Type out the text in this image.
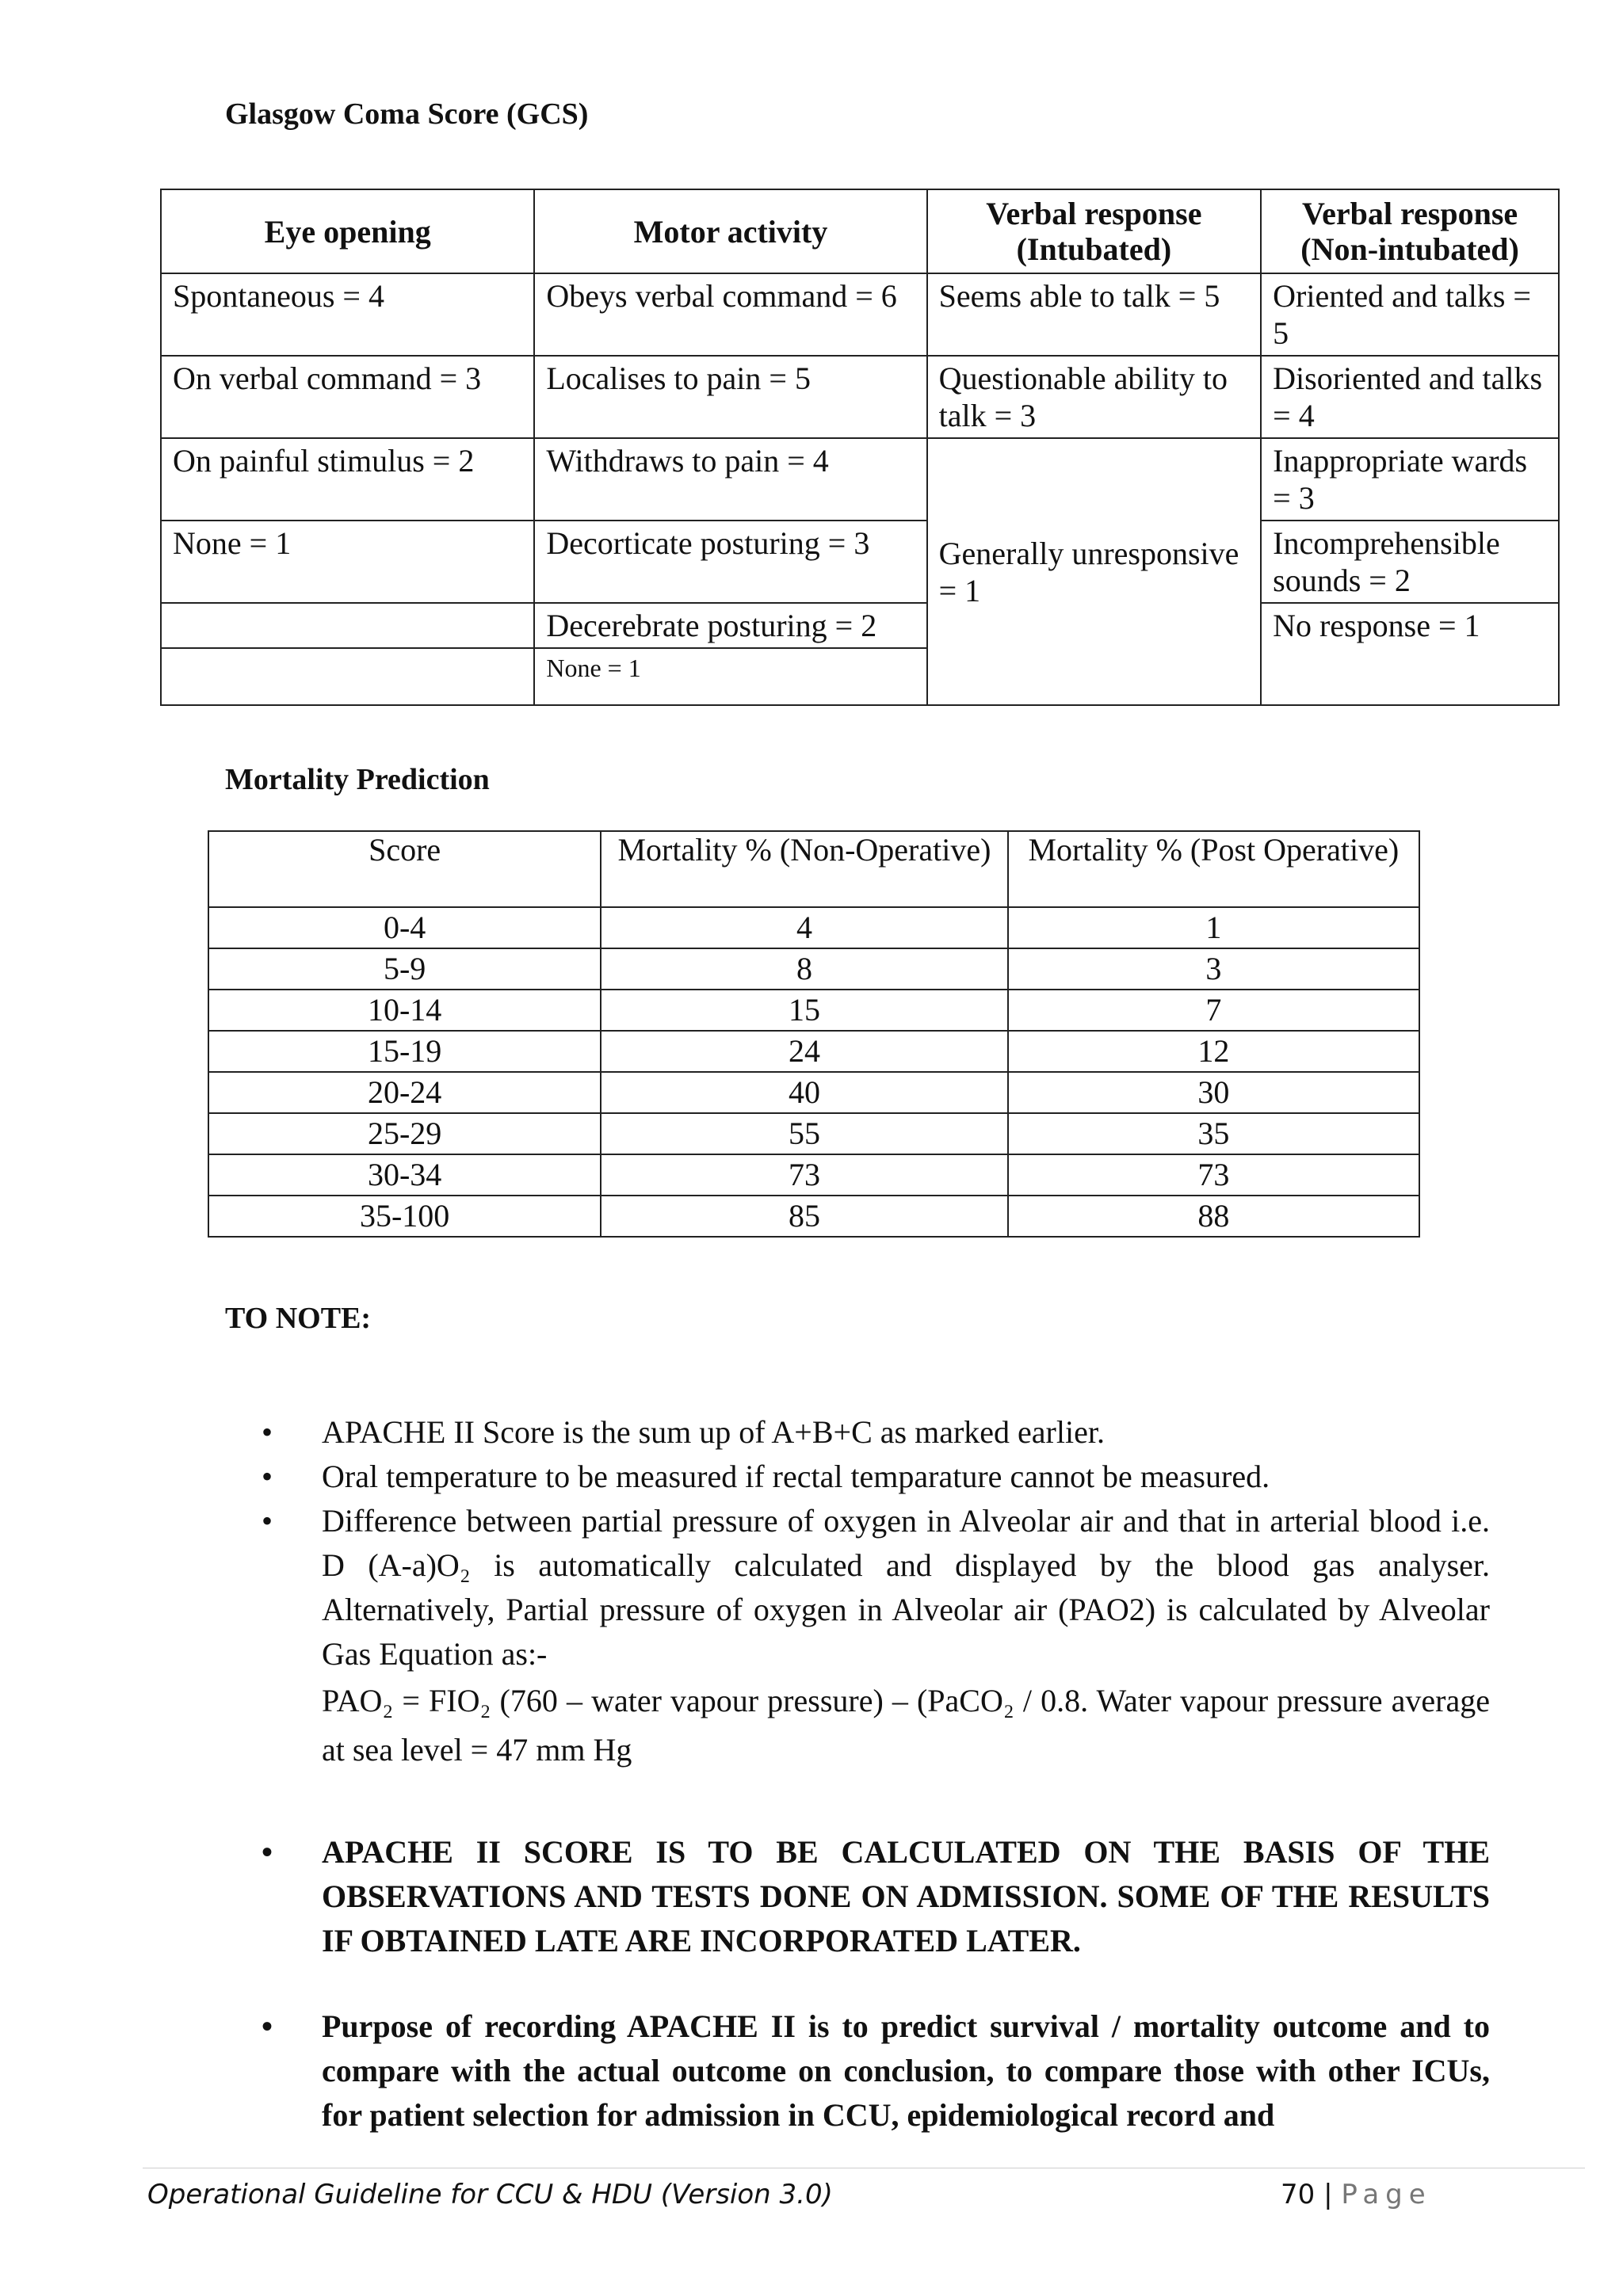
Glasgow Coma Score (GCS)
Eye opening	Motor activity	Verbal response (Intubated)	Verbal response (Non-intubated)
Spontaneous = 4	Obeys verbal command = 6	Seems able to talk = 5	Oriented and talks = 5
On verbal command = 3	Localises to pain = 5	Questionable ability to talk = 3	Disoriented and talks = 4
On painful stimulus = 2	Withdraws to pain = 4	Generally unresponsive = 1	Inappropriate wards = 3
None = 1	Decorticate posturing = 3		Incomprehensible sounds = 2
	Decerebrate posturing = 2		No response = 1
	None = 1		
Mortality Prediction
Score	Mortality % (Non-Operative)	Mortality % (Post Operative)
0-4	4	1
5-9	8	3
10-14	15	7
15-19	24	12
20-24	40	30
25-29	55	35
30-34	73	73
35-100	85	88
TO NOTE:
• APACHE II Score is the sum up of A+B+C as marked earlier.
• Oral temperature to be measured if rectal temparature cannot be measured.
• Difference between partial pressure of oxygen in Alveolar air and that in arterial blood i.e. D (A-a)O₂ is automatically calculated and displayed by the blood gas analyser. Alternatively, Partial pressure of oxygen in Alveolar air (PAO2) is calculated by Alveolar Gas Equation as:-
PAO₂ = FIO₂ (760 – water vapour pressure) – (PaCO₂ / 0.8. Water vapour pressure average at sea level = 47 mm Hg
• APACHE II SCORE IS TO BE CALCULATED ON THE BASIS OF THE OBSERVATIONS AND TESTS DONE ON ADMISSION. SOME OF THE RESULTS IF OBTAINED LATE ARE INCORPORATED LATER.
• Purpose of recording APACHE II is to predict survival / mortality outcome and to compare with the actual outcome on conclusion, to compare those with other ICUs, for patient selection for admission in CCU, epidemiological record and
Operational Guideline for CCU & HDU (Version 3.0)	70 | Page
